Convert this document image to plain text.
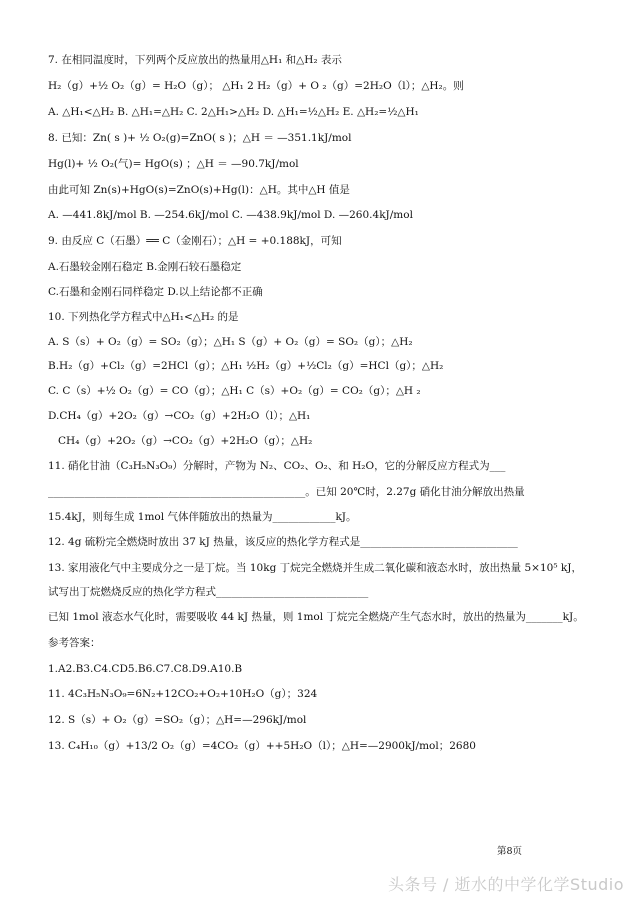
7. 在相同温度时，下列两个反应放出的热量用△H₁ 和△H₂ 表示
H₂（g）+½ O₂（g）= H₂O（g）； △H₁ 2 H₂（g）+ O ₂（g）=2H₂O（l）；△H₂。则
A. △H₁<△H₂ B. △H₁=△H₂ C. 2△H₁>△H₂ D. △H₁=½△H₂ E. △H₂=½△H₁
8. 已知：Zn( s )+ ½ O₂(g)=ZnO( s )；△H ＝ —351.1kJ/mol
Hg(l)+ ½ O₂(气)= HgO(s) ；△H ＝ —90.7kJ/mol
由此可知 Zn(s)+HgO(s)=ZnO(s)+Hg(l)：△H。其中△H 值是
A. —441.8kJ/mol B. —254.6kJ/mol C. —438.9kJ/mol D. —260.4kJ/mol
9. 由反应 C（石墨）══ C（金刚石）；△H = +0.188kJ，可知
A.石墨较金刚石稳定 B.金刚石较石墨稳定
C.石墨和金刚石同样稳定 D.以上结论都不正确
10. 下列热化学方程式中△H₁<△H₂ 的是
A. S（s）+ O₂（g）= SO₂（g）；△H₁ S（g）+ O₂（g）= SO₂（g）；△H₂
B.H₂（g）+Cl₂（g）=2HCl（g）；△H₁ ½H₂（g）+½Cl₂（g）=HCl（g）；△H₂
C. C（s）+½ O₂（g）= CO（g）；△H₁ C（s）+O₂（g）= CO₂（g）；△H ₂
D.CH₄（g）+2O₂（g）→CO₂（g）+2H₂O（l）；△H₁
CH₄（g）+2O₂（g）→CO₂（g）+2H₂O（g）；△H₂
11. 硝化甘油（C₃H₅N₃O₉）分解时，产物为 N₂、CO₂、O₂、和 H₂O，它的分解反应方程式为___
_________________________________________________。已知 20℃时，2.27g 硝化甘油分解放出热量
15.4kJ，则每生成 1mol 气体伴随放出的热量为____________kJ。
12. 4g 硫粉完全燃烧时放出 37 kJ 热量，该反应的热化学方程式是______________________________
13. 家用液化气中主要成分之一是丁烷。当 10kg 丁烷完全燃烧并生成二氧化碳和液态水时，放出热量 5×10⁵ kJ，
试写出丁烷燃烧反应的热化学方程式_____________________________
已知 1mol 液态水气化时，需要吸收 44 kJ 热量，则 1mol 丁烷完全燃烧产生气态水时，放出的热量为_______kJ。
参考答案：
1.A2.B3.C4.CD5.B6.C7.C8.D9.A10.B
11. 4C₃H₅N₃O₉=6N₂+12CO₂+O₂+10H₂O（g）；324
12. S（s）+ O₂（g）=SO₂（g）；△H=—296kJ/mol
13. C₄H₁₀（g）+13/2 O₂（g）=4CO₂（g）++5H₂O（l）；△H=—2900kJ/mol；2680
第8页
头条号 / 逝水的中学化学Studio
